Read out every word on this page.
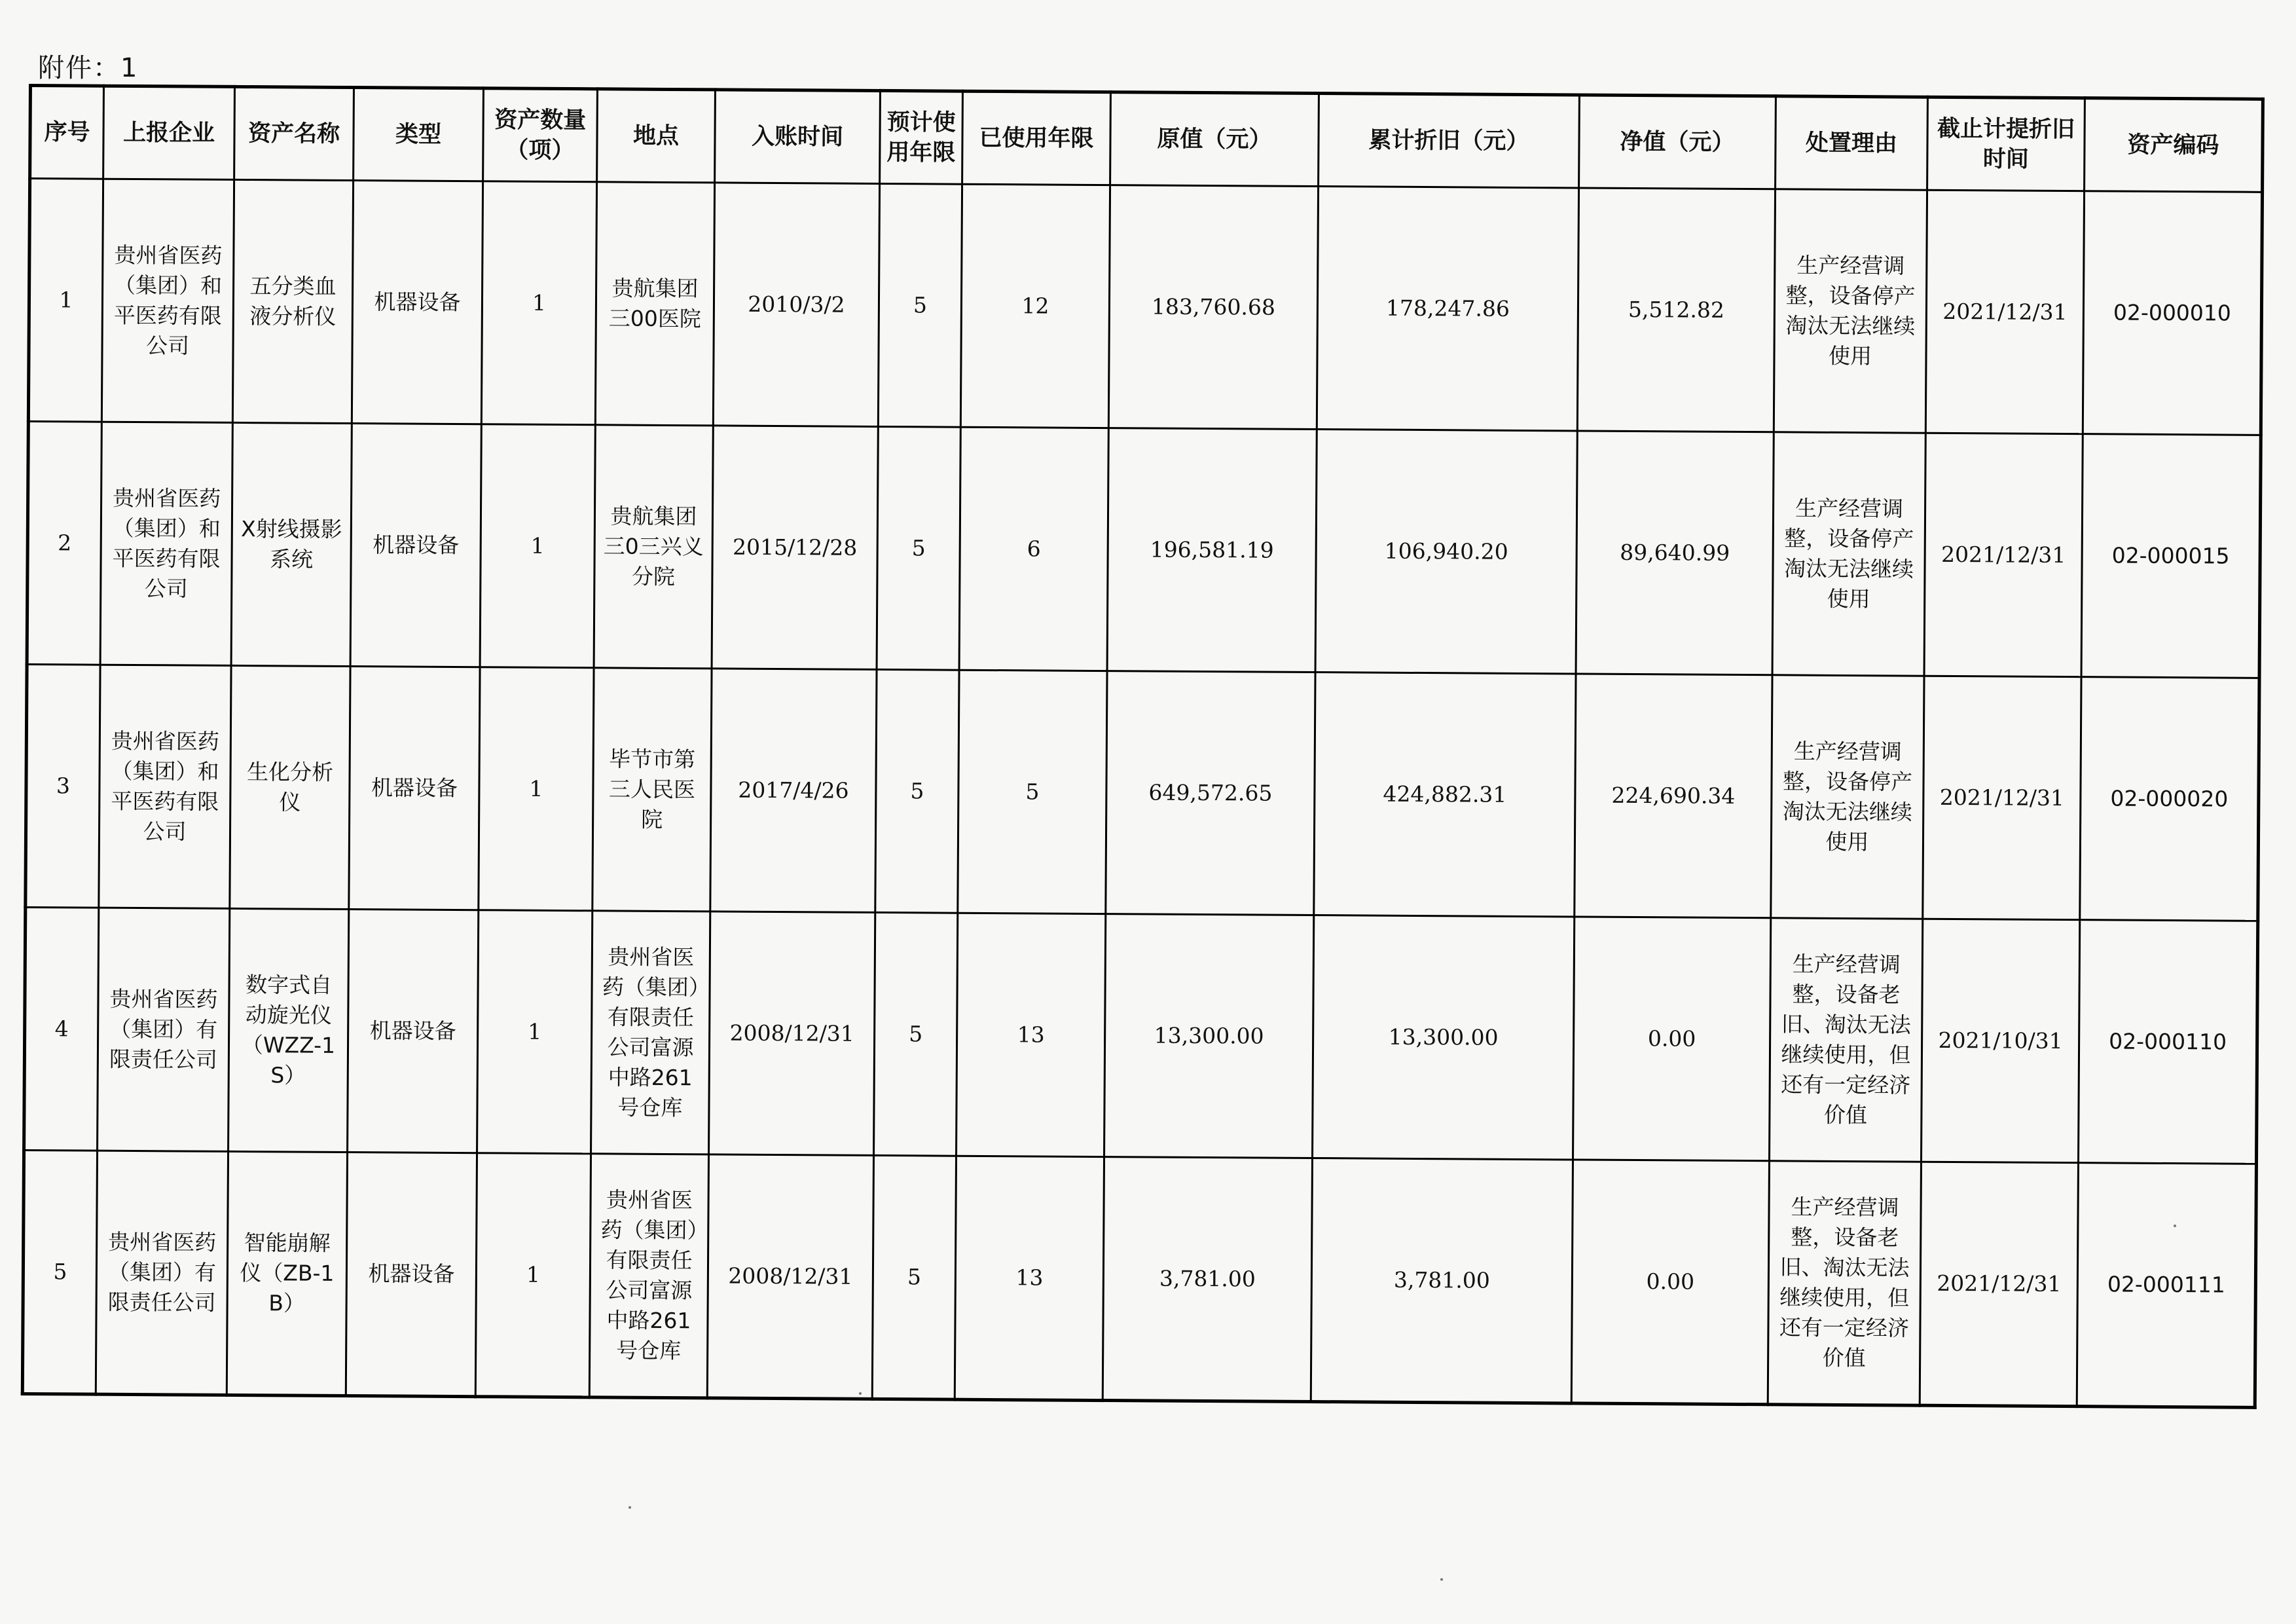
附件：1
序号	上报企业	资产名称	类型	资产数量（项）	地点	入账时间	预计使用年限	已使用年限	原值（元）	累计折旧（元）	净值（元）	处置理由	截止计提折旧时间	资产编码
1	贵州省医药（集团）和平医药有限公司	五分类血液分析仪	机器设备	1	贵航集团三00医院	2010/3/2	5	12	183,760.68	178,247.86	5,512.82	生产经营调整，设备停产淘汰无法继续使用	2021/12/31	02-000010
2	贵州省医药（集团）和平医药有限公司	X射线摄影系统	机器设备	1	贵航集团三0三兴义分院	2015/12/28	5	6	196,581.19	106,940.20	89,640.99	生产经营调整，设备停产淘汰无法继续使用	2021/12/31	02-000015
3	贵州省医药（集团）和平医药有限公司	生化分析仪	机器设备	1	毕节市第三人民医院	2017/4/26	5	5	649,572.65	424,882.31	224,690.34	生产经营调整，设备停产淘汰无法继续使用	2021/12/31	02-000020
4	贵州省医药（集团）有限责任公司	数字式自动旋光仪（WZZ-1S）	机器设备	1	贵州省医药（集团）有限责任公司富源中路261号仓库	2008/12/31	5	13	13,300.00	13,300.00	0.00	生产经营调整，设备老旧、淘汰无法继续使用，但还有一定经济价值	2021/10/31	02-000110
5	贵州省医药（集团）有限责任公司	智能崩解仪（ZB-1B）	机器设备	1	贵州省医药（集团）有限责任公司富源中路261号仓库	2008/12/31	5	13	3,781.00	3,781.00	0.00	生产经营调整，设备老旧、淘汰无法继续使用，但还有一定经济价值	2021/12/31	02-000111
